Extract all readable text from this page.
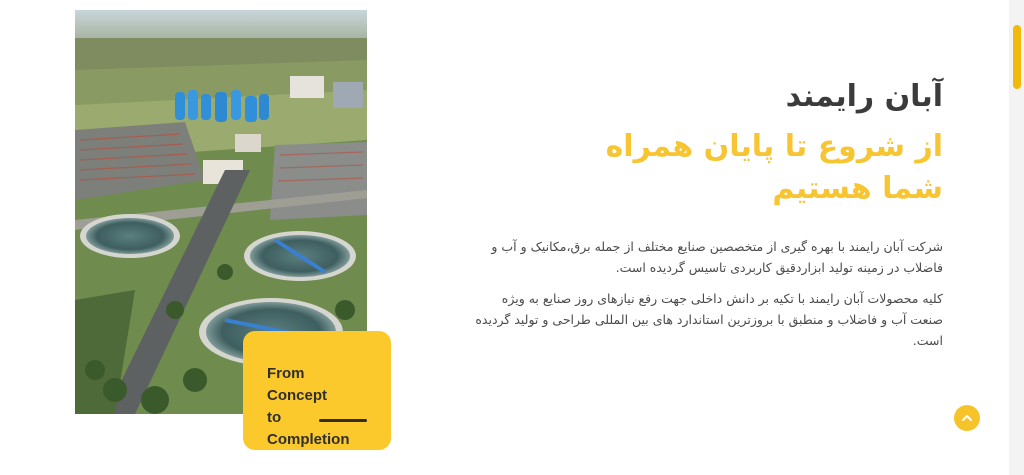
From Concept
to Completion
آبان رایمند
از شروع تا پایان همراه شما هستیم

شرکت آبان رایمند با بهره گیری از متخصصین صنایع مختلف از جمله برق،مکانیک و آب و فاضلاب در زمینه تولید ابزاردقیق کاربردی تاسیس گردیده است.

کلیه محصولات آبان رایمند با تکیه بر دانش داخلی جهت رفع نیازهای روز صنایع به ویژه صنعت آب و فاضلاب و منطبق با بروزترین استاندارد های بین المللی طراحی و تولید گردیده است.
